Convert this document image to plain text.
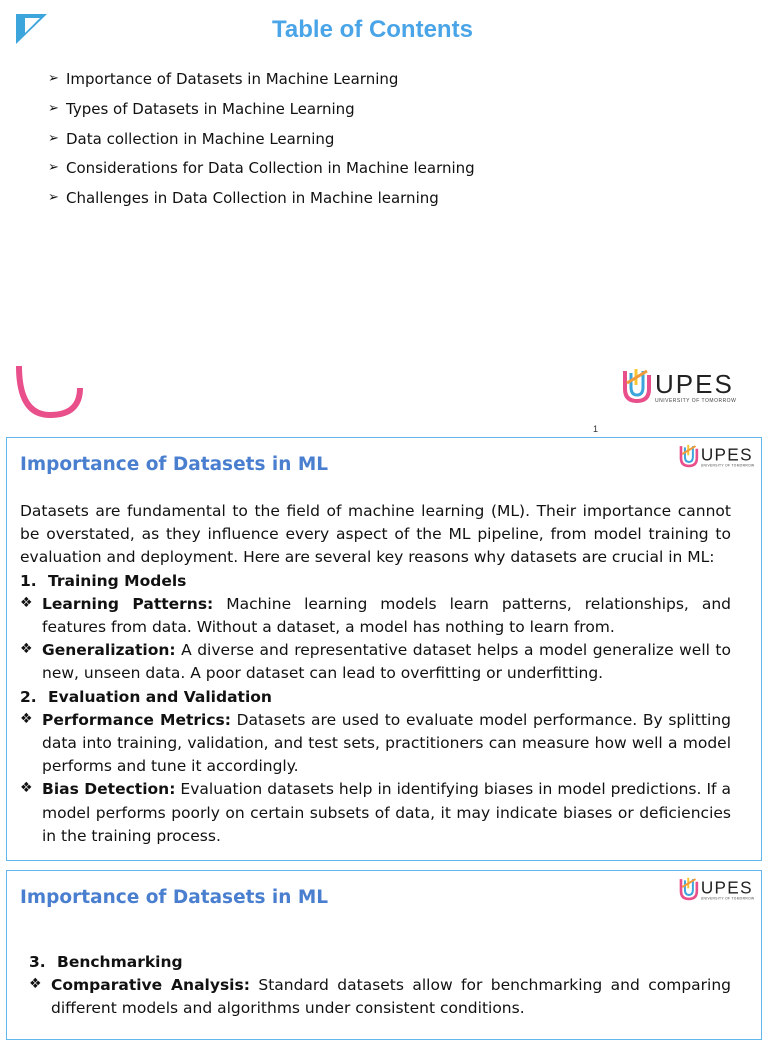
Table of Contents
➢ Importance of Datasets in Machine Learning
➢ Types of Datasets in Machine Learning
➢ Data collection in Machine Learning
➢ Considerations for Data Collection in Machine learning
➢ Challenges in Data Collection in Machine learning
UPES
UNIVERSITY OF TOMORROW
1
Importance of Datasets in ML	UPES
UNIVERSITY OF TOMORROW

Datasets are fundamental to the field of machine learning (ML). Their importance cannot be overstated, as they influence every aspect of the ML pipeline, from model training to evaluation and deployment. Here are several key reasons why datasets are crucial in ML:

1. Training Models

❖ Learning Patterns: Machine learning models learn patterns, relationships, and features from data. Without a dataset, a model has nothing to learn from.
❖ Generalization: A diverse and representative dataset helps a model generalize well to new, unseen data. A poor dataset can lead to overfitting or underfitting.

2. Evaluation and Validation

❖ Performance Metrics: Datasets are used to evaluate model performance. By splitting data into training, validation, and test sets, practitioners can measure how well a model performs and tune it accordingly.
❖ Bias Detection: Evaluation datasets help in identifying biases in model predictions. If a model performs poorly on certain subsets of data, it may indicate biases or deficiencies in the training process.
Importance of Datasets in ML	UPES
UNIVERSITY OF TOMORROW

3. Benchmarking

❖ Comparative Analysis: Standard datasets allow for benchmarking and comparing different models and algorithms under consistent conditions.
